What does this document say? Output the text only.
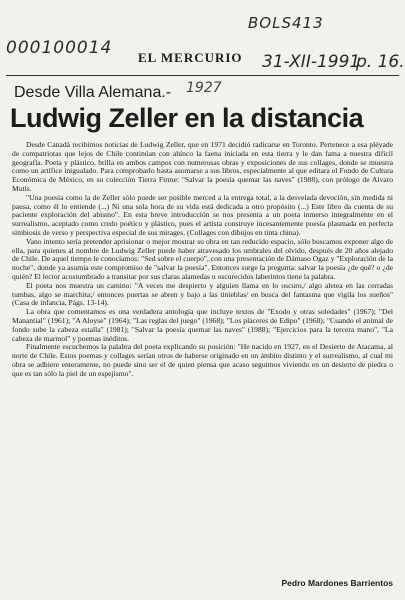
BOLS413
000100014 EL MERCURIO 31-XII-1991
p. 16.
Desde Villa Alemana.- 1927
Ludwig Zeller en la distancia

Desde Canadá recibimos noticias de Ludwig Zeller, que en 1971 decidió radicarse en Toronto. Pertenece a esa pléyade de compatriotas que lejos de Chile continúan con ahínco la faena iniciada en esta tierra y le dan fama a nuestra difícil geografía. Poeta y plástico, brilla en ambos campos con numerosas obras y exposiciones de sus collages, donde se muestra como un artífice inigualado. Para comprobarlo basta asomarse a sus libros, especialmente al que editara el Fondo de Cultura Económica de México, en su colección Tierra Firme: "Salvar la poesía quemar las naves" (1988), con prólogo de Alvaro Mutis.

"Una poesía como la de Zeller sólo puede ser posible merced a la entrega total, a la desvelada devoción, sin medida ni pausa, como él lo entiende (...) Ni una sola hora de su vida está dedicada a otro propósito (...) Este libro da cuenta de su paciente exploración del abismo". En esta breve introducción se nos presenta a un poeta inmerso integralmente en el surrealismo, aceptado como credo poético y plástico, pues el artista construye incesantemente poesía plasmada en perfecta simbiosis de verso y perspectiva especial de sus mirages. (Collages con dibujos en tinta china).

Vano intento sería pretender aprisionar o mejor mostrar su obra en tan reducido espacio, sólo buscamos exponer algo de ella, para quienes al nombre de Ludwig Zeller puede haber atravesado los umbrales del olvido, después de 20 años alejado de Chile. De aquel tiempo le conocíamos: "Sed sobre el cuerpo", con una presentación de Dámaso Ogaz y "Exploración de la noche", donde ya asumía este compromiso de "salvar la poesía". Entonces surge la pregunta: salvar la poesía ¿de qué? o ¿de quién? El lector acostumbrado a transitar por sus claras alamedas u oscurecidos laberintos tiene la palabra.

El poeta nos muestra un camino: "A veces me despierto y alguien llama en lo oscuro,/ algo aletea en las cerradas tumbas, algo se marchita;/ entonces puertas se abren y bajo a las tinieblas/ en busca del fantasma que vigila los sueños" (Casa de infancia, Págs. 13-14).

La obra que comentamos es una verdadera antología que incluye textos de "Exodo y otras soledades" (1967); "Del Manantial" (1961); "A Aloyse" (1964); "Las reglas del juego" (1968); "Los placeres de Edipo" (1968); "Cuando el animal de fondo sube la cabeza estalla" (1981); "Salvar la poesía quemar las naves" (1988); "Ejercicios para la tercera mano", "La cabeza de marmol" y poemas inéditos.

Finalmente escuchemos la palabra del poeta explicando su posición: "He nacido en 1927, en el Desierto de Atacama, al norte de Chile. Estos poemas y collages serían otros de haberse originado en un ámbito distinto y el surrealismo, al cual mi obra se adhiere enteramente, no puede sino ser el de quien piensa que acaso seguimos viviendo en un desierto de piedra o que es tan sólo la piel de un espejismo".

Pedro Mardones Barrientos
